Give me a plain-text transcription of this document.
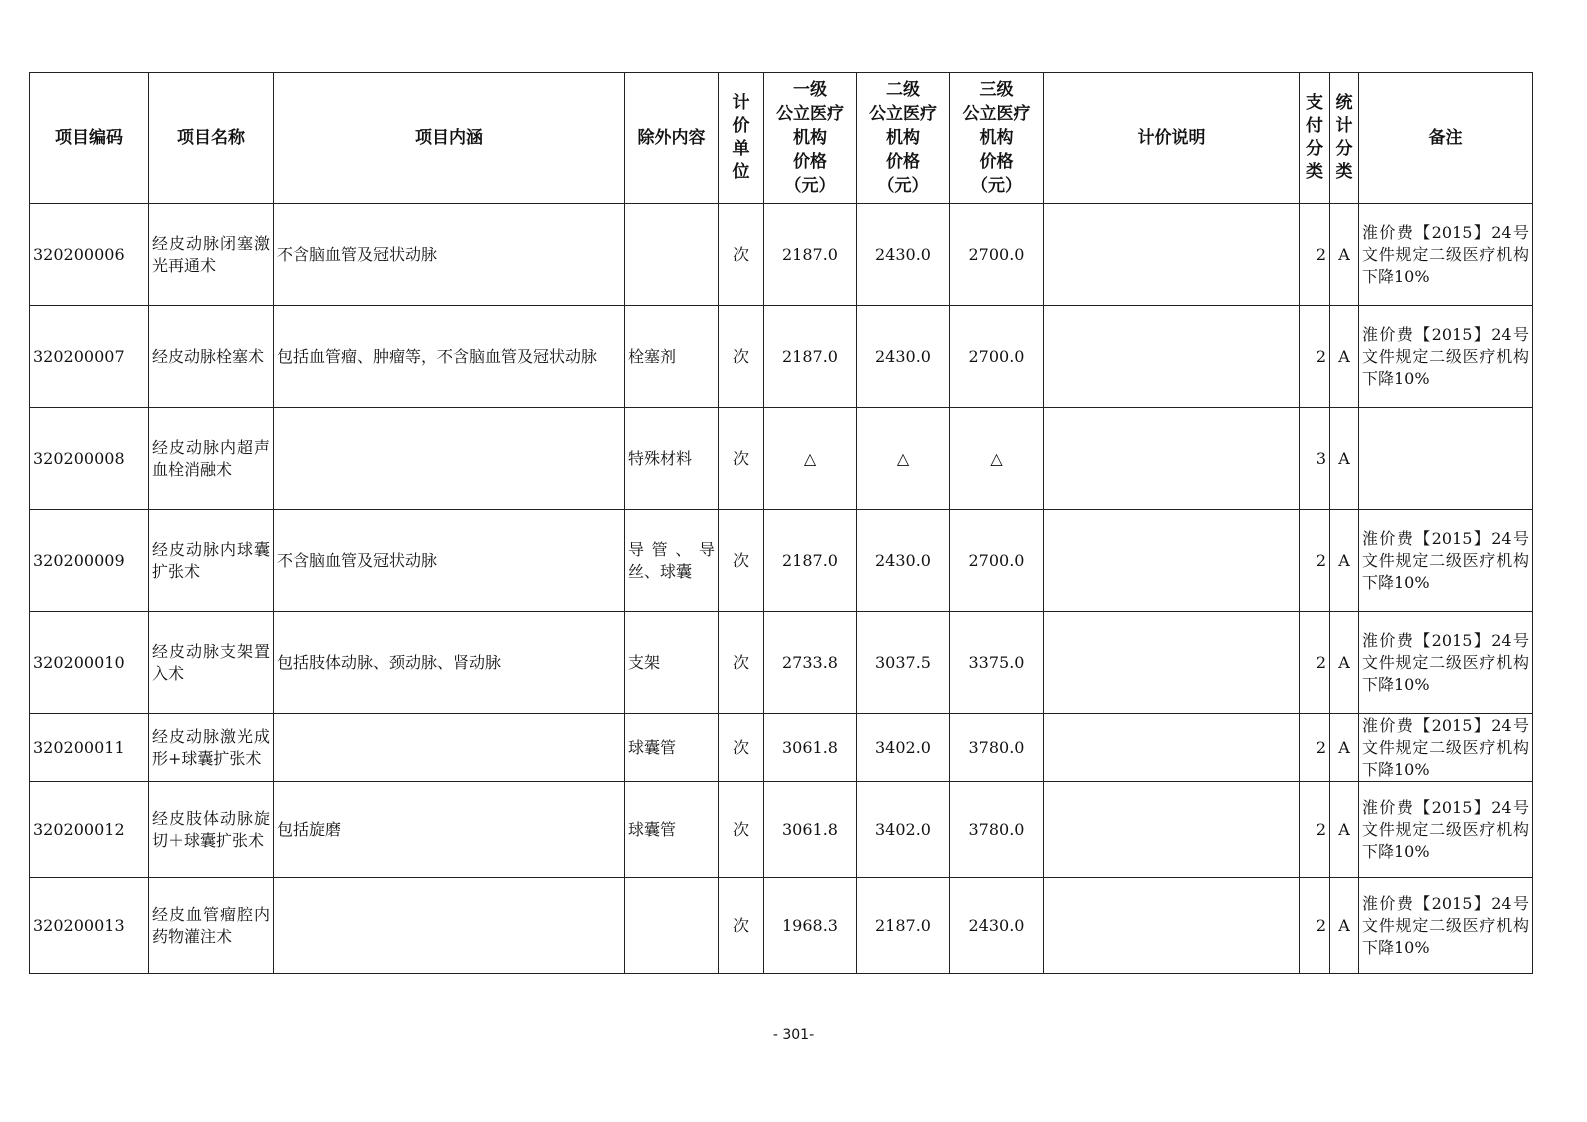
项目编码	项目名称	项目内涵	除外内容	计价单位	一级
公立医疗
机构
价格
（元）	二级
公立医疗
机构
价格
（元）	三级
公立医疗
机构
价格
（元）	计价说明	支付分类	统计分类	备注
320200006	经皮动脉闭塞激光再通术	不含脑血管及冠状动脉		次	2187.0	2430.0	2700.0		2	A	淮价费【2015】24号文件规定二级医疗机构下降10%
320200007	经皮动脉栓塞术	包括血管瘤、肿瘤等，不含脑血管及冠状动脉	栓塞剂	次	2187.0	2430.0	2700.0		2	A	淮价费【2015】24号文件规定二级医疗机构下降10%
320200008	经皮动脉内超声血栓消融术		特殊材料	次	△	△	△		3	A	
320200009	经皮动脉内球囊扩张术	不含脑血管及冠状动脉	导管、导丝、球囊	次	2187.0	2430.0	2700.0		2	A	淮价费【2015】24号文件规定二级医疗机构下降10%
320200010	经皮动脉支架置入术	包括肢体动脉、颈动脉、肾动脉	支架	次	2733.8	3037.5	3375.0		2	A	淮价费【2015】24号文件规定二级医疗机构下降10%
320200011	经皮动脉激光成形+球囊扩张术		球囊管	次	3061.8	3402.0	3780.0		2	A	淮价费【2015】24号文件规定二级医疗机构下降10%
320200012	经皮肢体动脉旋切＋球囊扩张术	包括旋磨	球囊管	次	3061.8	3402.0	3780.0		2	A	淮价费【2015】24号文件规定二级医疗机构下降10%
320200013	经皮血管瘤腔内药物灌注术			次	1968.3	2187.0	2430.0		2	A	淮价费【2015】24号文件规定二级医疗机构下降10%
- 301-
